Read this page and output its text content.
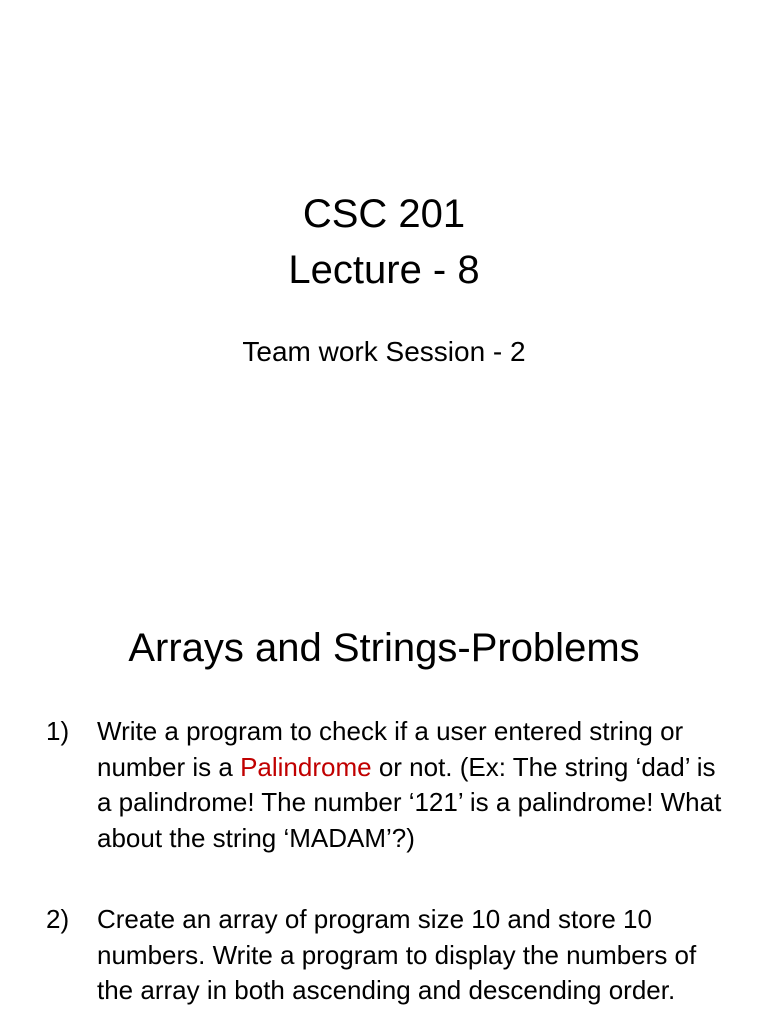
CSC 201
Lecture - 8
Team work Session - 2
Arrays and Strings-Problems
1) Write a program to check if a user entered string or number is a Palindrome or not. (Ex: The string ‘dad’ is a palindrome! The number ‘121’ is a palindrome! What about the string ‘MADAM’?)
2) Create an array of program size 10 and store 10 numbers. Write a program to display the numbers of the array in both ascending and descending order.
